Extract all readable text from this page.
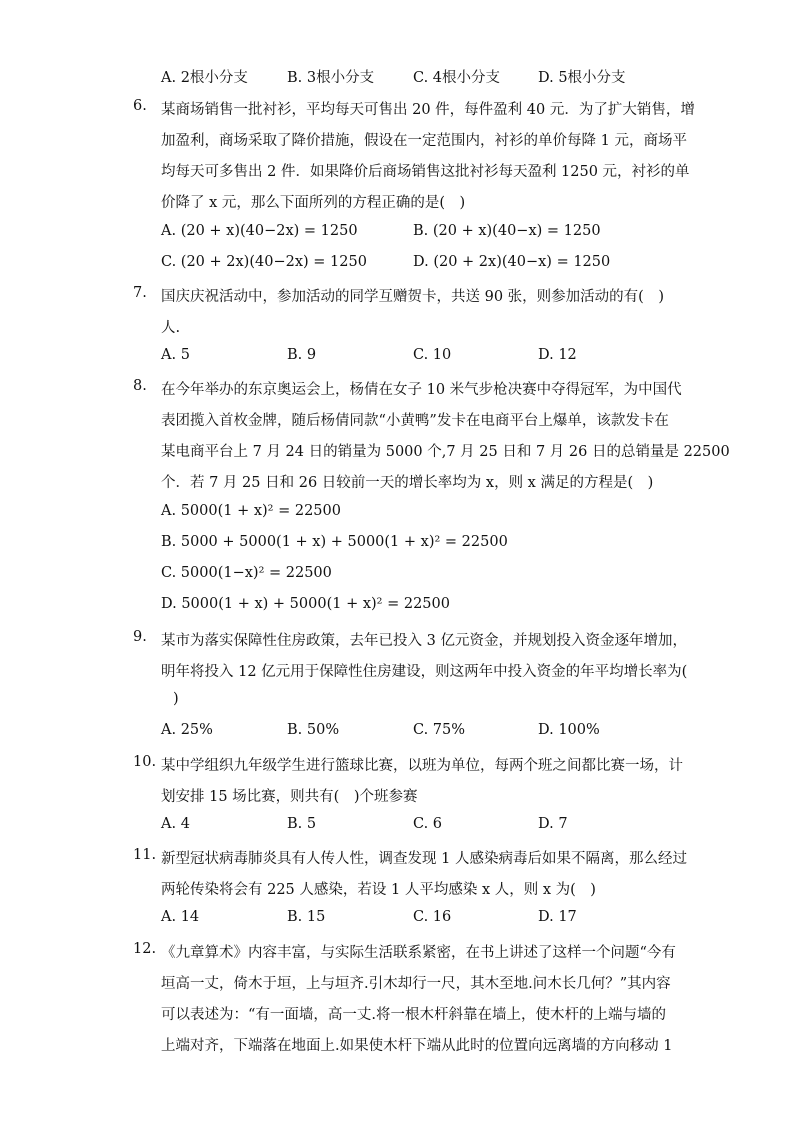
A. 2根小分支	B. 3根小分支	C. 4根小分支	D. 5根小分支
6. 某商场销售一批衬衫，平均每天可售出 20 件，每件盈利 40 元．为了扩大销售，增
加盈利，商场采取了降价措施，假设在一定范围内，衬衫的单价每降 1 元，商场平
均每天可多售出 2 件．如果降价后商场销售这批衬衫每天盈利 1250 元，衬衫的单
价降了 x 元，那么下面所列的方程正确的是(　)
A. (20 + x)(40−2x) = 1250	B. (20 + x)(40−x) = 1250
C. (20 + 2x)(40−2x) = 1250	D. (20 + 2x)(40−x) = 1250
7. 国庆庆祝活动中，参加活动的同学互赠贺卡，共送 90 张，则参加活动的有(　)
人.
A. 5	B. 9	C. 10	D. 12
8. 在今年举办的东京奥运会上，杨倩在女子 10 米气步枪决赛中夺得冠军，为中国代
表团揽入首枚金牌，随后杨倩同款“小黄鸭”发卡在电商平台上爆单，该款发卡在
某电商平台上 7 月 24 日的销量为 5000 个,7 月 25 日和 7 月 26 日的总销量是 22500
个．若 7 月 25 日和 26 日较前一天的增长率均为 x，则 x 满足的方程是(　)
A. 5000(1 + x)² = 22500
B. 5000 + 5000(1 + x) + 5000(1 + x)² = 22500
C. 5000(1−x)² = 22500
D. 5000(1 + x) + 5000(1 + x)² = 22500
9. 某市为落实保障性住房政策，去年已投入 3 亿元资金，并规划投入资金逐年增加，
明年将投入 12 亿元用于保障性住房建设，则这两年中投入资金的年平均增长率为(
)
A. 25%	B. 50%	C. 75%	D. 100%
10. 某中学组织九年级学生进行篮球比赛，以班为单位，每两个班之间都比赛一场，计
划安排 15 场比赛，则共有(　)个班参赛
A. 4	B. 5	C. 6	D. 7
11. 新型冠状病毒肺炎具有人传人性，调查发现 1 人感染病毒后如果不隔离，那么经过
两轮传染将会有 225 人感染，若设 1 人平均感染 x 人，则 x 为(　)
A. 14	B. 15	C. 16	D. 17
12. 《九章算术》内容丰富，与实际生活联系紧密，在书上讲述了这样一个问题“今有
垣高一丈，倚木于垣，上与垣齐.引木却行一尺，其木至地.问木长几何？”其内容
可以表述为：“有一面墙，高一丈.将一根木杆斜靠在墙上，使木杆的上端与墙的
上端对齐，下端落在地面上.如果使木杆下端从此时的位置向远离墙的方向移动 1
